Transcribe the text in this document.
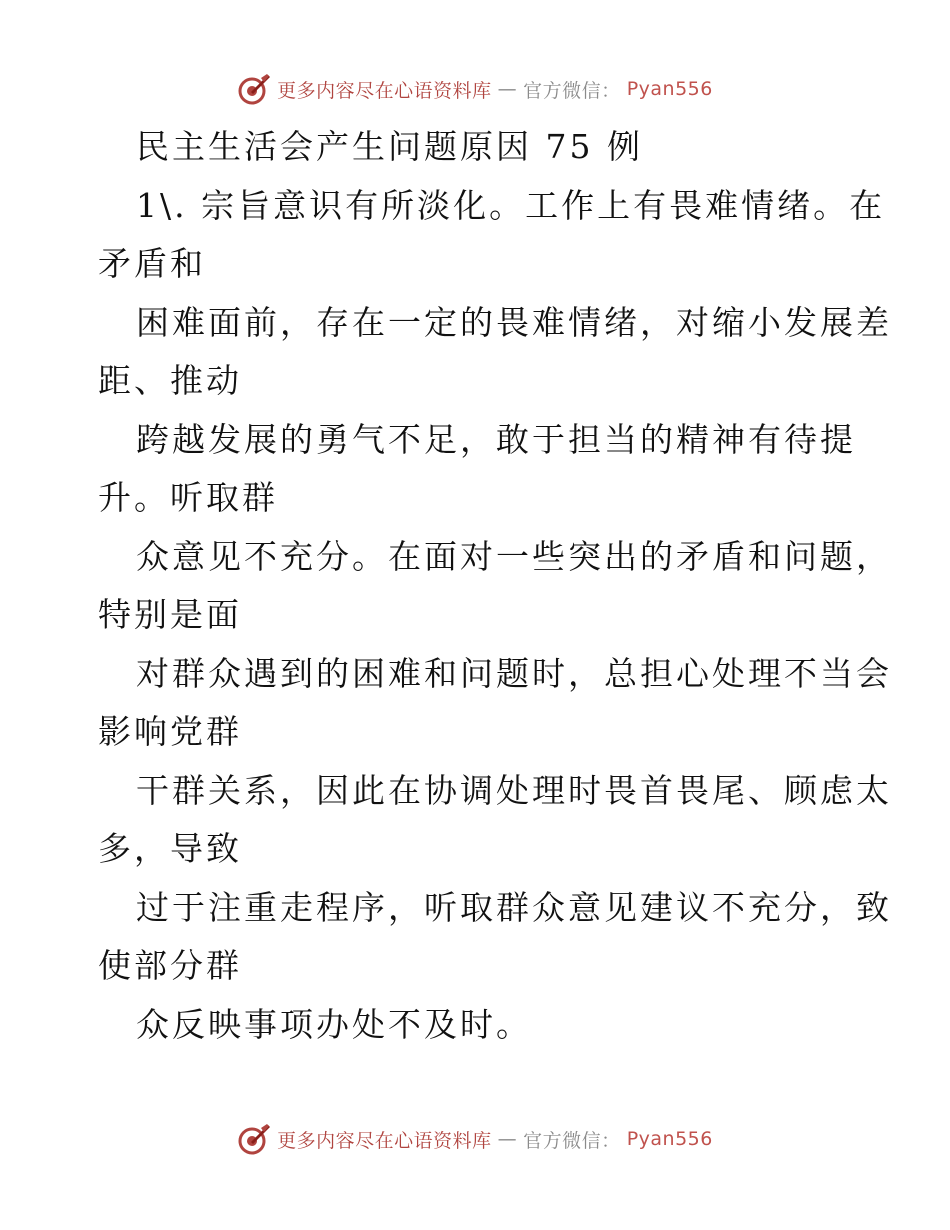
更多内容尽在心语资料库 — 官方微信： Pyan556
民主生活会产生问题原因 75 例
1\. 宗旨意识有所淡化。工作上有畏难情绪。在
矛盾和
困难面前，存在一定的畏难情绪，对缩小发展差
距、推动
跨越发展的勇气不足，敢于担当的精神有待提
升。听取群
众意见不充分。在面对一些突出的矛盾和问题，
特别是面
对群众遇到的困难和问题时，总担心处理不当会
影响党群
干群关系，因此在协调处理时畏首畏尾、顾虑太
多，导致
过于注重走程序，听取群众意见建议不充分，致
使部分群
众反映事项办处不及时。
更多内容尽在心语资料库 — 官方微信： Pyan556
